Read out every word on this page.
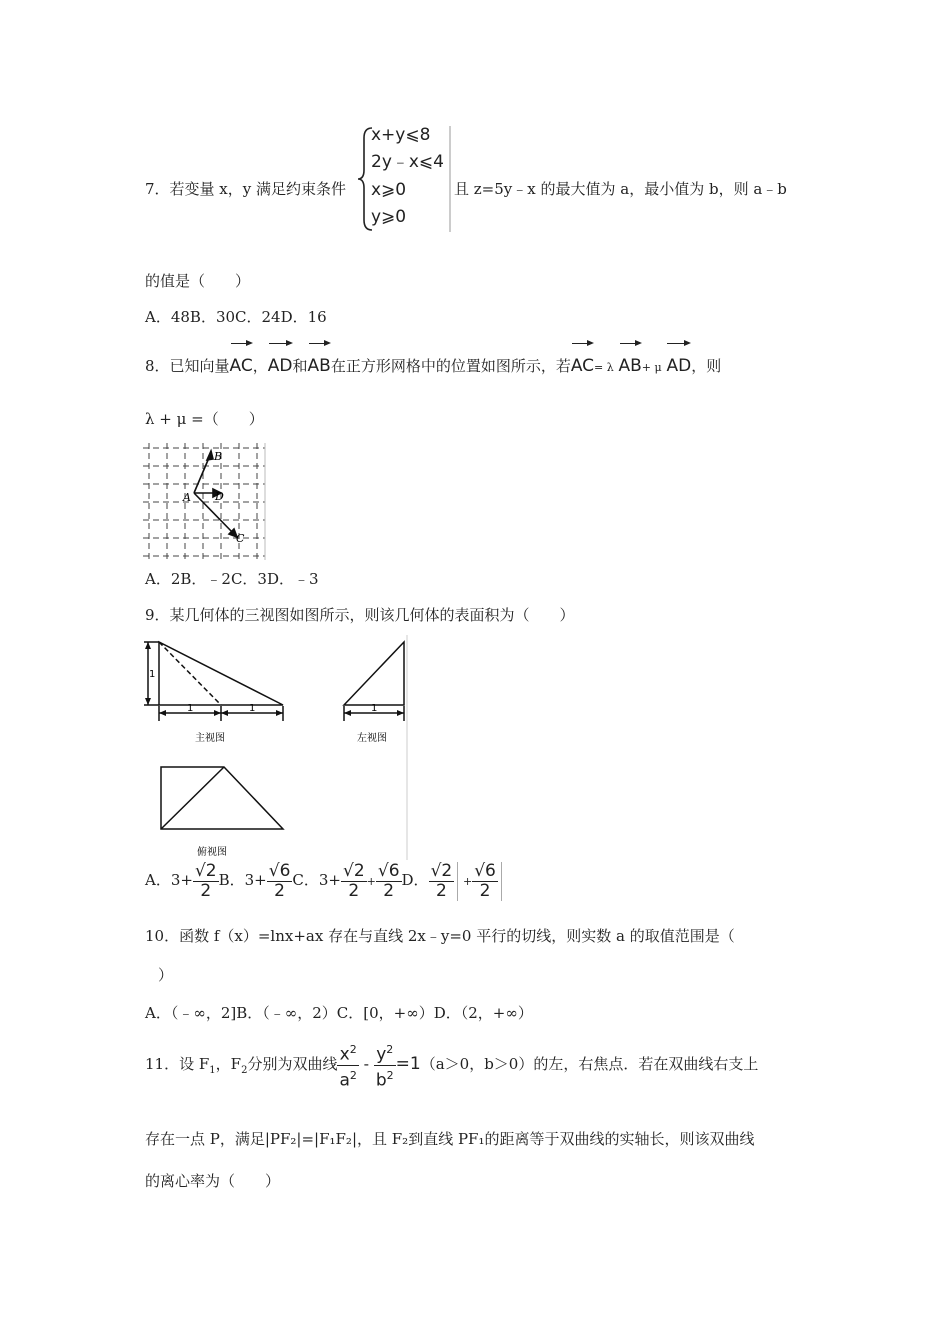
7．若变量 x，y 满足约束条件
x+y⩽8
2y﹣x⩽4
x⩾0
y⩾0
且 z=5y﹣x 的最大值为 a，最小值为 b，则 a﹣b
的值是（　　）
A．48B．30C．24D．16
8．已知向量AC，AD和AB在正方形网格中的位置如图所示，若AC= λ AB+ μ AD，则
λ + μ =（　　）
A
B
C
D
A．2B．﹣2C．3D．﹣3
9．某几何体的三视图如图所示，则该几何体的表面积为（　　）
1
1	1
主视图
1
左视图
俯视图
A．$3+ \frac{√2}{2}$ B．$3+ \frac{√6}{2}$ C．$3+ \frac{√2}{2} + \frac{√6}{2}$ D． $\frac{√2}{2} + \frac{√6}{2}$
10．函数 f（x）=lnx+ax 存在与直线 2x﹣y=0 平行的切线，则实数 a 的取值范围是（
）
A．（﹣∞，2]B．（﹣∞，2）C．[0，+∞）D．（2，+∞）
11．设 $F_1$，$F_2$分别为双曲线 $\frac{x^2}{a^2} - \frac{y^2}{b^2} =1(a>0$，b＞0）的左，右焦点．若在双曲线右支上
存在一点 P，满足|PF₂|=|F₁F₂|，且 F₂到直线 PF₁的距离等于双曲线的实轴长，则该双曲线
的离心率为（　　）
